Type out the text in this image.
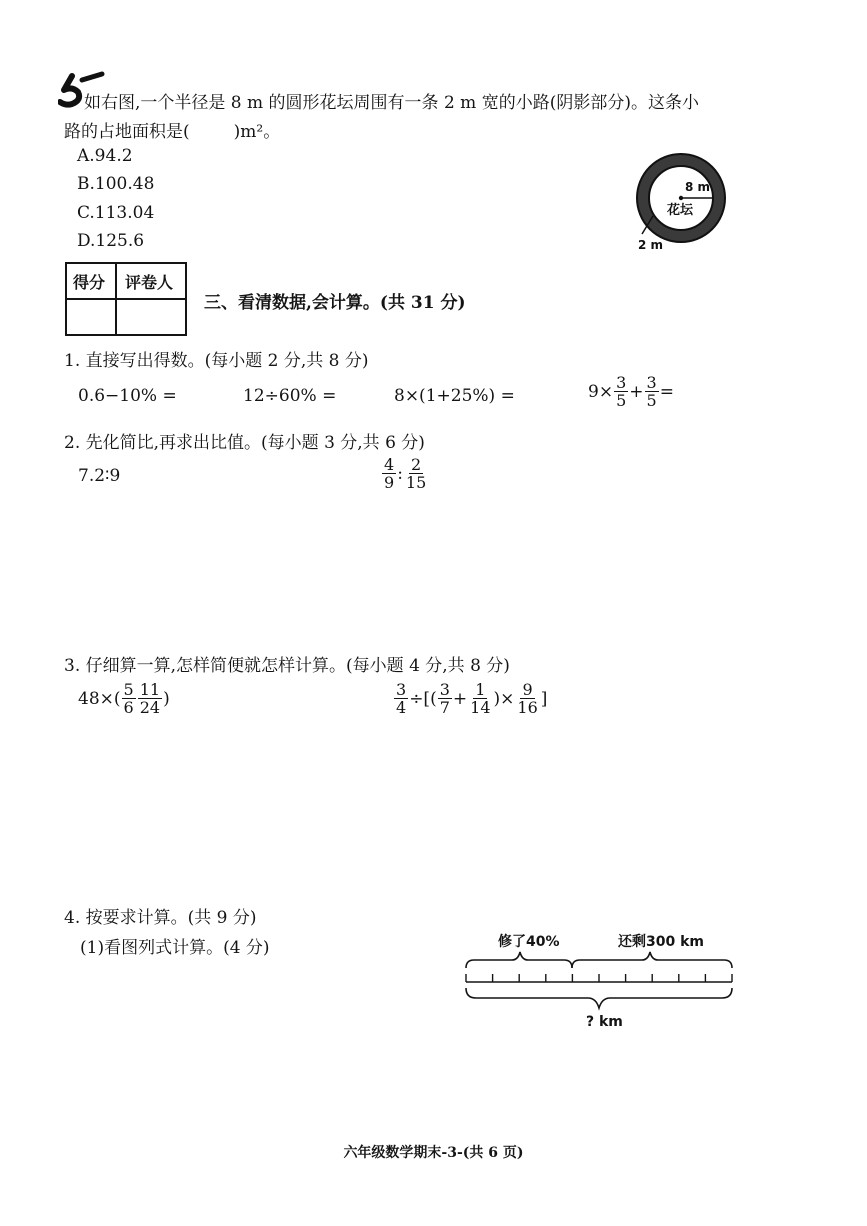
如右图,一个半径是 8 m 的圆形花坛周围有一条 2 m 宽的小路(阴影部分)。这条小
路的占地面积是(	)m²。
A.94.2
B.100.48
C.113.04
D.125.6
8 m
花坛
2 m
得分 评卷人
三、看清数据,会计算。(共 31 分)
1. 直接写出得数。(每小题 2 分,共 8 分)
0.6−10% =	12÷60% =	8×(1+25%) =	$9\times \frac{3}{5} + \frac{3}{5}$ =
2. 先化简比,再求出比值。(每小题 3 分,共 6 分)
7.2∶9	$\frac{4}{9}$ : $\frac{2}{15}$
3. 仔细算一算,怎样简便就怎样计算。(每小题 4 分,共 8 分)
$48\times( \frac{5}{6} \frac{11}{24}$ )	$\frac{3}{4}$ ÷[( $\frac{3}{7} + \frac{1}{14}$ )× $\frac{9}{16}$ ]
4. 按要求计算。(共 9 分)
(1)看图列式计算。(4 分)	修了40%	还剩300 km
? km
六年级数学期末-3-(共 6 页)
